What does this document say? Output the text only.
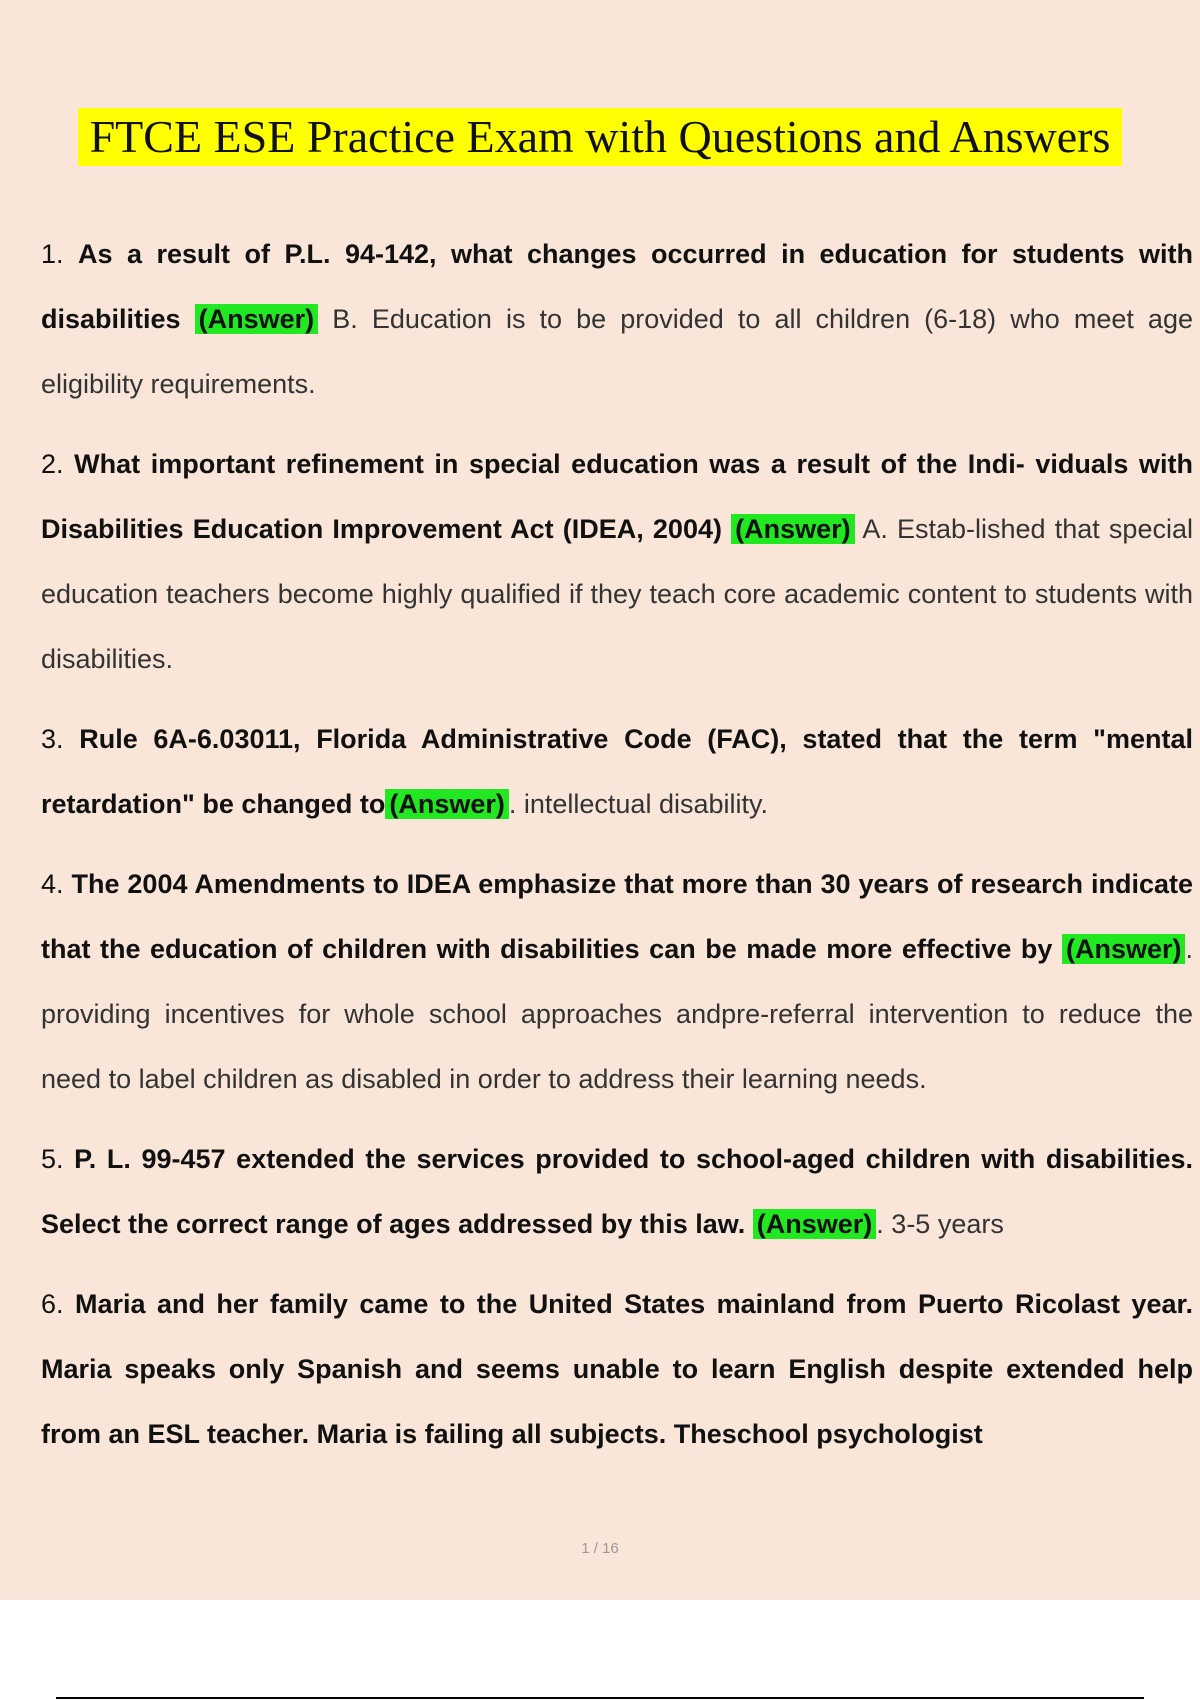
FTCE ESE Practice Exam with Questions and Answers

1. As a result of P.L. 94-142, what changes occurred in education for students with disabilities (Answer) B. Education is to be provided to all children (6-18) who meet age eligibility requirements.

2. What important refinement in special education was a result of the Indi- viduals with Disabilities Education Improvement Act (IDEA, 2004) (Answer) A. Estab-lished that special education teachers become highly qualified if they teach core academic content to students with disabilities.

3. Rule 6A-6.03011, Florida Administrative Code (FAC), stated that the term "mental retardation" be changed to (Answer) . intellectual disability.

4. The 2004 Amendments to IDEA emphasize that more than 30 years of research indicate that the education of children with disabilities can be made more effective by (Answer) . providing incentives for whole school approaches andpre-referral intervention to reduce the need to label children as disabled in order to address their learning needs.

5. P. L. 99-457 extended the services provided to school-aged children with disabilities. Select the correct range of ages addressed by this law. (Answer) . 3-5 years

6. Maria and her family came to the United States mainland from Puerto Ricolast year. Maria speaks only Spanish and seems unable to learn English despite extended help from an ESL teacher. Maria is failing all subjects. Theschool psychologist

1 / 16
